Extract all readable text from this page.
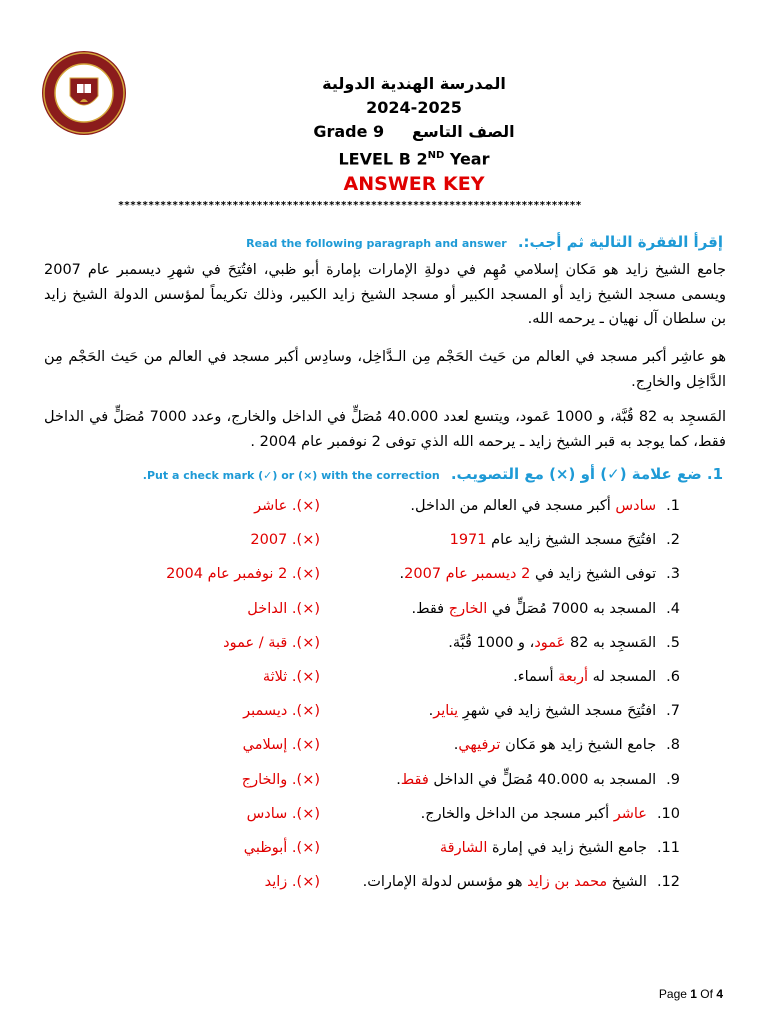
المدرسة الهندية الدولية
2024-2025
Grade 9 الصف التاسع
LEVEL B 2ND Year
ANSWER KEY
*****************************************************************************
إقرأ الفقرة التالية ثم أجب:. Read the following paragraph and answer
جامع الشيخ زايد هو مَكان إسلامي مُهِم في دولةِ الإمارات بإمارة أبو ظبي، افتُتِحَ في شهرِ ديسمبر عام 2007 ويسمى مسجد الشيخ زايد أو المسجد الكبير أو مسجد الشيخ زايد الكبير، وذلك تكريماً لمؤسس الدولة الشيخ زايد بن سلطان آل نهيان ـ يرحمه الله.
هو عاشِر أكبر مسجد في العالم من حَيث الحَجْم مِن الـدَّاخِل، وسادِس أكبر مسجد في العالم من حَيث الحَجْم مِن الدَّاخِل والخارِج.
المَسجِد به 82 قُبَّة، و 1000 عَمود، ويتسع لعدد 40.000 مُصَلٍّ في الداخل والخارج، وعدد 7000 مُصَلٍّ في الداخل فقط، كما يوجد به قبر الشيخ زايد ـ يرحمه الله الذي توفى 2 نوفمبر عام 2004 .
1. ضع علامة (✓) أو (×) مع التصويب. Put a check mark (✓) or (×) with the correction.
1.سادس أكبر مسجد في العالم من الداخل.
(×). عاشر
2.افتُتِحَ مسجد الشيخ زايد عام 1971
(×). 2007
3.توفى الشيخ زايد في 2 ديسمبر عام 2007.
(×). 2 نوفمبر عام 2004
4.المسجد به 7000 مُصَلٍّ في الخارج فقط.
(×). الداخل
5.المَسجِد به 82 عَمود، و 1000 قُبَّة.
(×). قبة / عمود
6.المسجد له أربعة أسماء.
(×). ثلاثة
7.افتُتِحَ مسجد الشيخ زايد في شهرِ يناير.
(×). ديسمبر
8.جامع الشيخ زايد هو مَكان ترفيهي.
(×). إسلامي
9.المسجد به 40.000 مُصَلٍّ في الداخل فقط.
(×). والخارج
10.عاشر أكبر مسجد من الداخل والخارج.
(×). سادس
11.جامع الشيخ زايد في إمارة الشارقة
(×). أبوظبي
12.الشيخ محمد بن زايد هو مؤسس لدولة الإمارات.
(×). زايد
Page 1 Of 4
